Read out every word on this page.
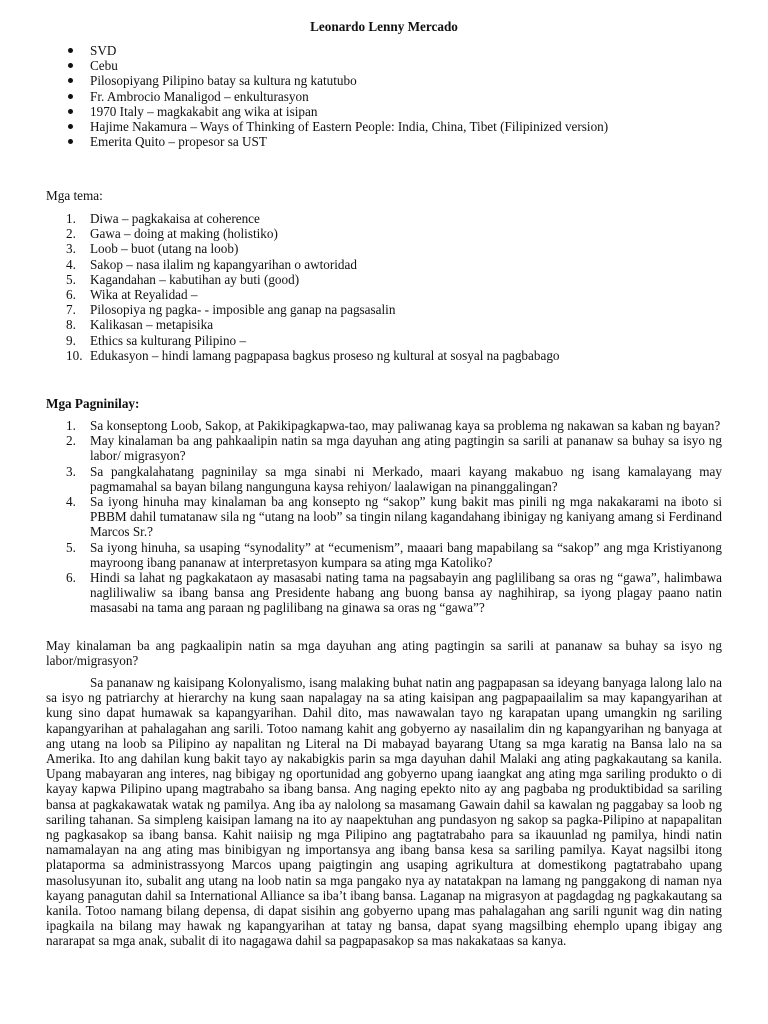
Leonardo Lenny Mercado
SVD
Cebu
Pilosopiyang Pilipino batay sa kultura ng katutubo
Fr. Ambrocio Manaligod – enkulturasyon
1970 Italy – magkakabit ang wika at isipan
Hajime Nakamura – Ways of Thinking of Eastern People: India, China, Tibet (Filipinized version)
Emerita Quito – propesor sa UST

Mga tema:

1.	Diwa – pagkakaisa at coherence
2.	Gawa – doing at making (holistiko)
3.	Loob – buot (utang na loob)
4.	Sakop – nasa ilalim ng kapangyarihan o awtoridad
5.	Kagandahan – kabutihan ay buti (good)
6.	Wika at Reyalidad –
7.	Pilosopiya ng pagka- - imposible ang ganap na pagsasalin
8.	Kalikasan – metapisika
9.	Ethics sa kulturang Pilipino –
10. Edukasyon – hindi lamang pagpapasa bagkus proseso ng kultural at sosyal na pagbabago

Mga Pagninilay:

1.	Sa konseptong Loob, Sakop, at Pakikipagkapwa-tao, may paliwanag kaya sa problema ng nakawan sa kaban ng bayan?
2.	May kinalaman ba ang pahkaalipin natin sa mga dayuhan ang ating pagtingin sa sarili at pananaw sa buhay sa isyo ng labor/ migrasyon?
3.	Sa pangkalahatang pagninilay sa mga sinabi ni Merkado, maari kayang makabuo ng isang kamalayang may pagmamahal sa bayan bilang nangunguna kaysa rehiyon/ laalawigan na pinanggalingan?
4.	Sa iyong hinuha may kinalaman ba ang konsepto ng “sakop” kung bakit mas pinili ng mga nakakarami na iboto si PBBM dahil tumatanaw sila ng “utang na loob” sa tingin nilang kagandahang ibinigay ng kaniyang amang si Ferdinand Marcos Sr.?
5.	Sa iyong hinuha, sa usaping “synodality” at “ecumenism”, maaari bang mapabilang sa “sakop” ang mga Kristiyanong mayroong ibang pananaw at interpretasyon kumpara sa ating mga Katoliko?
6.	Hindi sa lahat ng pagkakataon ay masasabi nating tama na pagsabayin ang paglilibang sa oras ng “gawa”, halimbawa nagliliwaliw sa ibang bansa ang Presidente habang ang buong bansa ay naghihirap, sa iyong plagay paano natin masasabi na tama ang paraan ng paglilibang na ginawa sa oras ng “gawa”?

May kinalaman ba ang pagkaalipin natin sa mga dayuhan ang ating pagtingin sa sarili at pananaw sa buhay sa isyo ng labor/migrasyon?

Sa pananaw ng kaisipang Kolonyalismo, isang malaking buhat natin ang pagpapasan sa ideyang banyaga lalong lalo na sa isyo ng patriarchy at hierarchy na kung saan napalagay na sa ating kaisipan ang pagpapaailalim sa may kapangyarihan at kung sino dapat humawak sa kapangyarihan. Dahil dito, mas nawawalan tayo ng karapatan upang umangkin ng sariling kapangyarihan at pahalagahan ang sarili. Totoo namang kahit ang gobyerno ay nasailalim din ng kapangyarihan ng banyaga at ang utang na loob sa Pilipino ay napalitan ng Literal na Di mabayad bayarang Utang sa mga karatig na Bansa lalo na sa Amerika. Ito ang dahilan kung bakit tayo ay nakabigkis parin sa mga dayuhan dahil Malaki ang ating pagkakautang sa kanila. Upang mabayaran ang interes, nag bibigay ng oportunidad ang gobyerno upang iaangkat ang ating mga sariling produkto o di kayay kapwa Pilipino upang magtrabaho sa ibang bansa. Ang naging epekto nito ay ang pagbaba ng produktibidad sa sariling bansa at pagkakawatak watak ng pamilya. Ang iba ay nalolong sa masamang Gawain dahil sa kawalan ng paggabay sa loob ng sariling tahanan. Sa simpleng kaisipan lamang na ito ay naapektuhan ang pundasyon ng sakop sa pagka-Pilipino at napapalitan ng pagkasakop sa ibang bansa. Kahit naiisip ng mga Pilipino ang pagtatrabaho para sa ikauunlad ng pamilya, hindi natin namamalayan na ang ating mas binibigyan ng importansya ang ibang bansa kesa sa sariling pamilya. Kayat nagsilbi itong plataporma sa administrassyong Marcos upang paigtingin ang usaping agrikultura at domestikong pagtatrabaho upang masolusyunan ito, subalit ang utang na loob natin sa mga pangako nya ay natatakpan na lamang ng panggakong di naman nya kayang panagutan dahil sa International Alliance sa iba’t ibang bansa. Laganap na migrasyon at pagdagdag ng pagkakautang sa kanila. Totoo namang bilang depensa, di dapat sisihin ang gobyerno upang mas pahalagahan ang sarili ngunit wag din nating ipagkaila na bilang may hawak ng kapangyarihan at tatay ng bansa, dapat syang magsilbing ehemplo upang ibigay ang nararapat sa mga anak, subalit di ito nagagawa dahil sa pagpapasakop sa mas nakakataas sa kanya.
